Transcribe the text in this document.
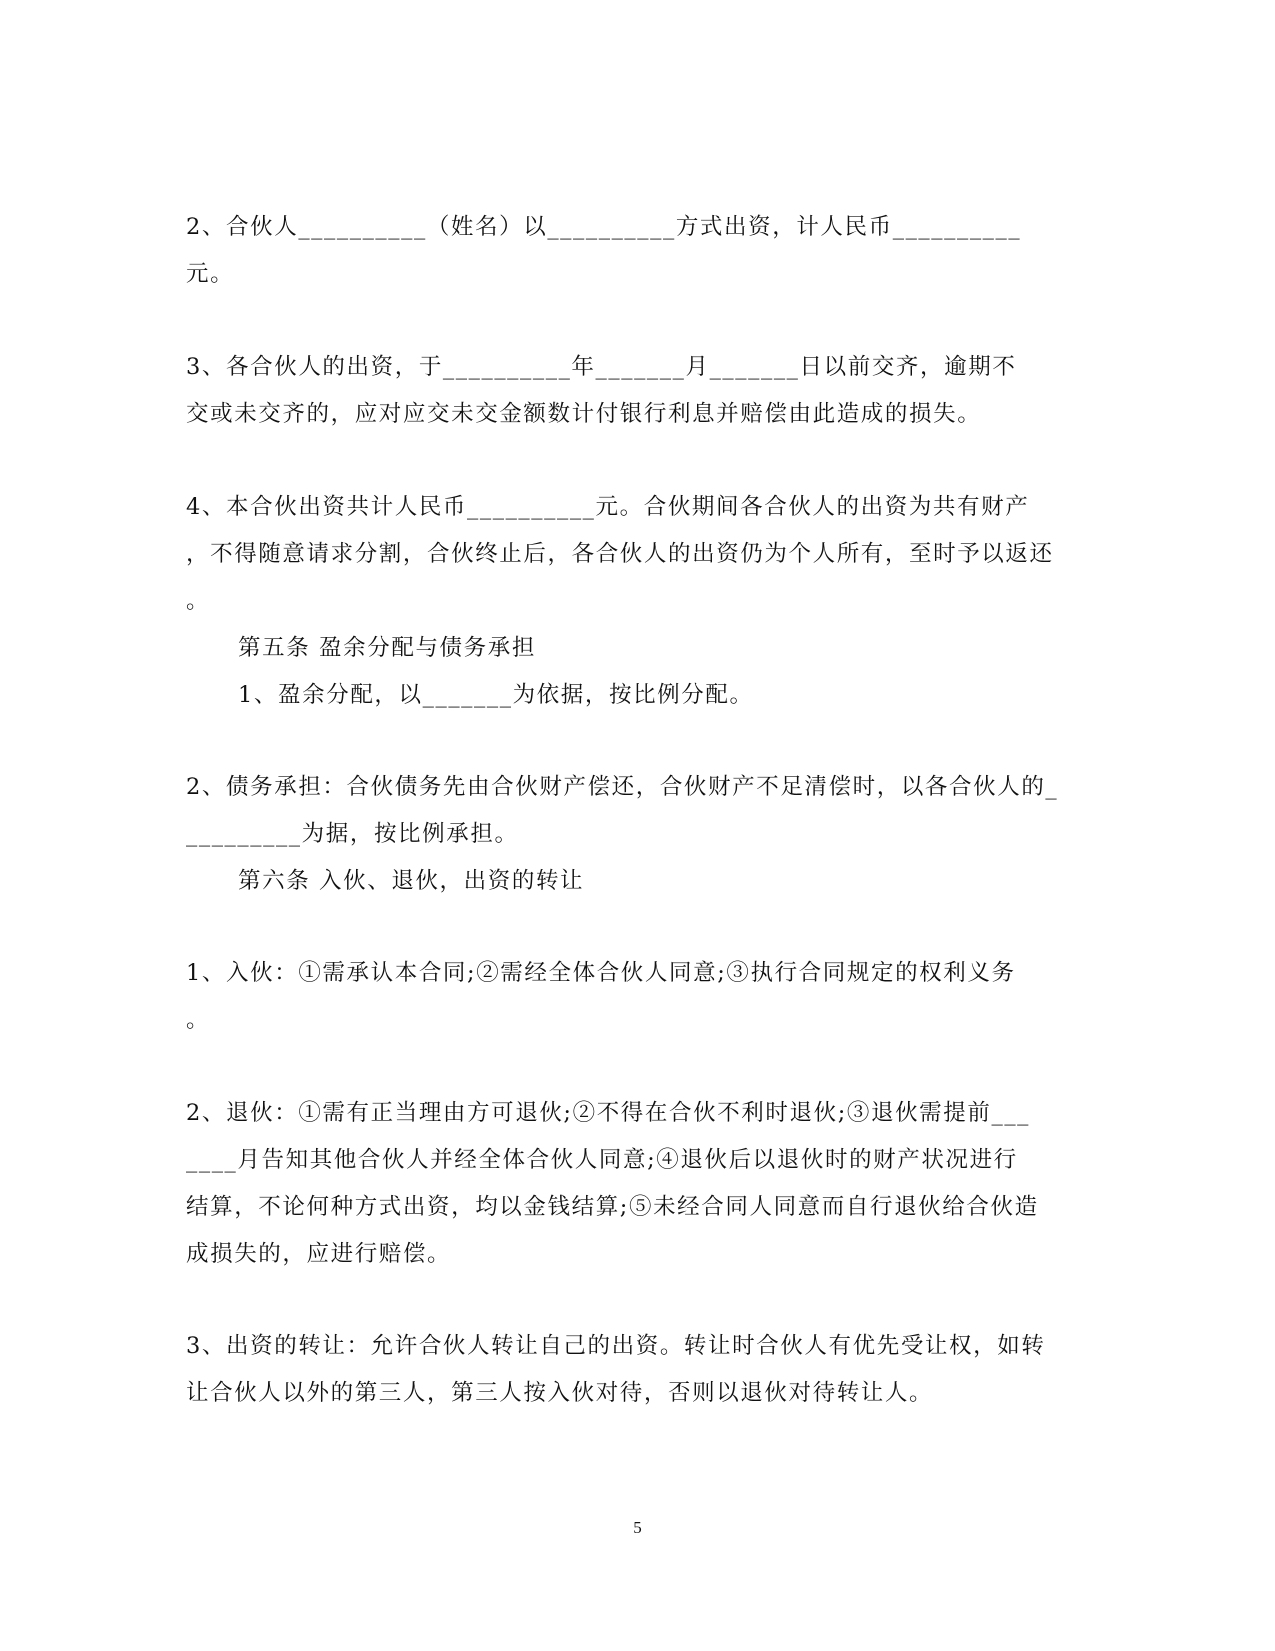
2、合伙人__________（姓名）以__________方式出资，计人民币__________
元。
3、各合伙人的出资，于__________年_______月_______日以前交齐，逾期不
交或未交齐的，应对应交未交金额数计付银行利息并赔偿由此造成的损失。
4、本合伙出资共计人民币__________元。合伙期间各合伙人的出资为共有财产
，不得随意请求分割，合伙终止后，各合伙人的出资仍为个人所有，至时予以返还
。
第五条 盈余分配与债务承担
1、盈余分配，以_______为依据，按比例分配。
2、债务承担：合伙债务先由合伙财产偿还，合伙财产不足清偿时，以各合伙人的_
_________为据，按比例承担。
第六条 入伙、退伙，出资的转让
1、入伙：①需承认本合同;②需经全体合伙人同意;③执行合同规定的权利义务
。
2、退伙：①需有正当理由方可退伙;②不得在合伙不利时退伙;③退伙需提前___
____月告知其他合伙人并经全体合伙人同意;④退伙后以退伙时的财产状况进行
结算，不论何种方式出资，均以金钱结算;⑤未经合同人同意而自行退伙给合伙造
成损失的，应进行赔偿。
3、出资的转让：允许合伙人转让自己的出资。转让时合伙人有优先受让权，如转
让合伙人以外的第三人，第三人按入伙对待，否则以退伙对待转让人。
5
